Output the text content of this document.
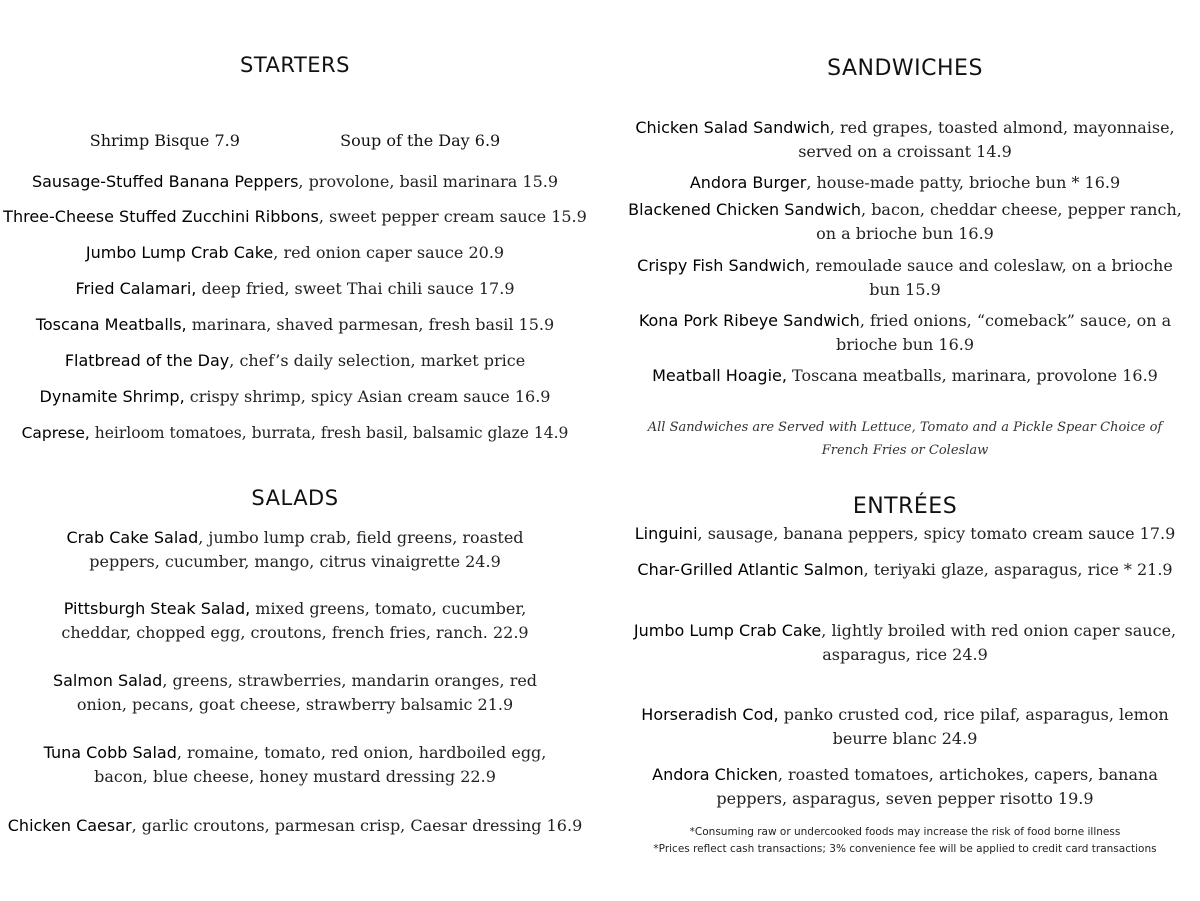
STARTERS
Shrimp Bisque 7.9	Soup of the Day 6.9

Sausage-Stuffed Banana Peppers, provolone, basil marinara 15.9

Three-Cheese Stuffed Zucchini Ribbons, sweet pepper cream sauce 15.9

Jumbo Lump Crab Cake, red onion caper sauce 20.9

Fried Calamari, deep fried, sweet Thai chili sauce 17.9

Toscana Meatballs, marinara, shaved parmesan, fresh basil 15.9

Flatbread of the Day, chef’s daily selection, market price

Dynamite Shrimp, crispy shrimp, spicy Asian cream sauce 16.9

Caprese, heirloom tomatoes, burrata, fresh basil, balsamic glaze 14.9

SALADS

Crab Cake Salad, jumbo lump crab, field greens, roasted peppers, cucumber, mango, citrus vinaigrette 24.9

Pittsburgh Steak Salad, mixed greens, tomato, cucumber, cheddar, chopped egg, croutons, french fries, ranch. 22.9

Salmon Salad, greens, strawberries, mandarin oranges, red onion, pecans, goat cheese, strawberry balsamic 21.9

Tuna Cobb Salad, romaine, tomato, red onion, hardboiled egg, bacon, blue cheese, honey mustard dressing 22.9

Chicken Caesar, garlic croutons, parmesan crisp, Caesar dressing 16.9

SANDWICHES

Chicken Salad Sandwich, red grapes, toasted almond, mayonnaise, served on a croissant 14.9

Andora Burger, house-made patty, brioche bun * 16.9

Blackened Chicken Sandwich, bacon, cheddar cheese, pepper ranch, on a brioche bun 16.9

Crispy Fish Sandwich, remoulade sauce and coleslaw, on a brioche bun 15.9

Kona Pork Ribeye Sandwich, fried onions, “comeback” sauce, on a brioche bun 16.9

Meatball Hoagie, Toscana meatballs, marinara, provolone 16.9

All Sandwiches are Served with Lettuce, Tomato and a Pickle Spear Choice of French Fries or Coleslaw

ENTRÉES

Linguini, sausage, banana peppers, spicy tomato cream sauce 17.9

Char-Grilled Atlantic Salmon, teriyaki glaze, asparagus, rice * 21.9

Jumbo Lump Crab Cake, lightly broiled with red onion caper sauce, asparagus, rice 24.9

Horseradish Cod, panko crusted cod, rice pilaf, asparagus, lemon beurre blanc 24.9

Andora Chicken, roasted tomatoes, artichokes, capers, banana peppers, asparagus, seven pepper risotto 19.9

*Consuming raw or undercooked foods may increase the risk of food borne illness

*Prices reflect cash transactions; 3% convenience fee will be applied to credit card transactions
